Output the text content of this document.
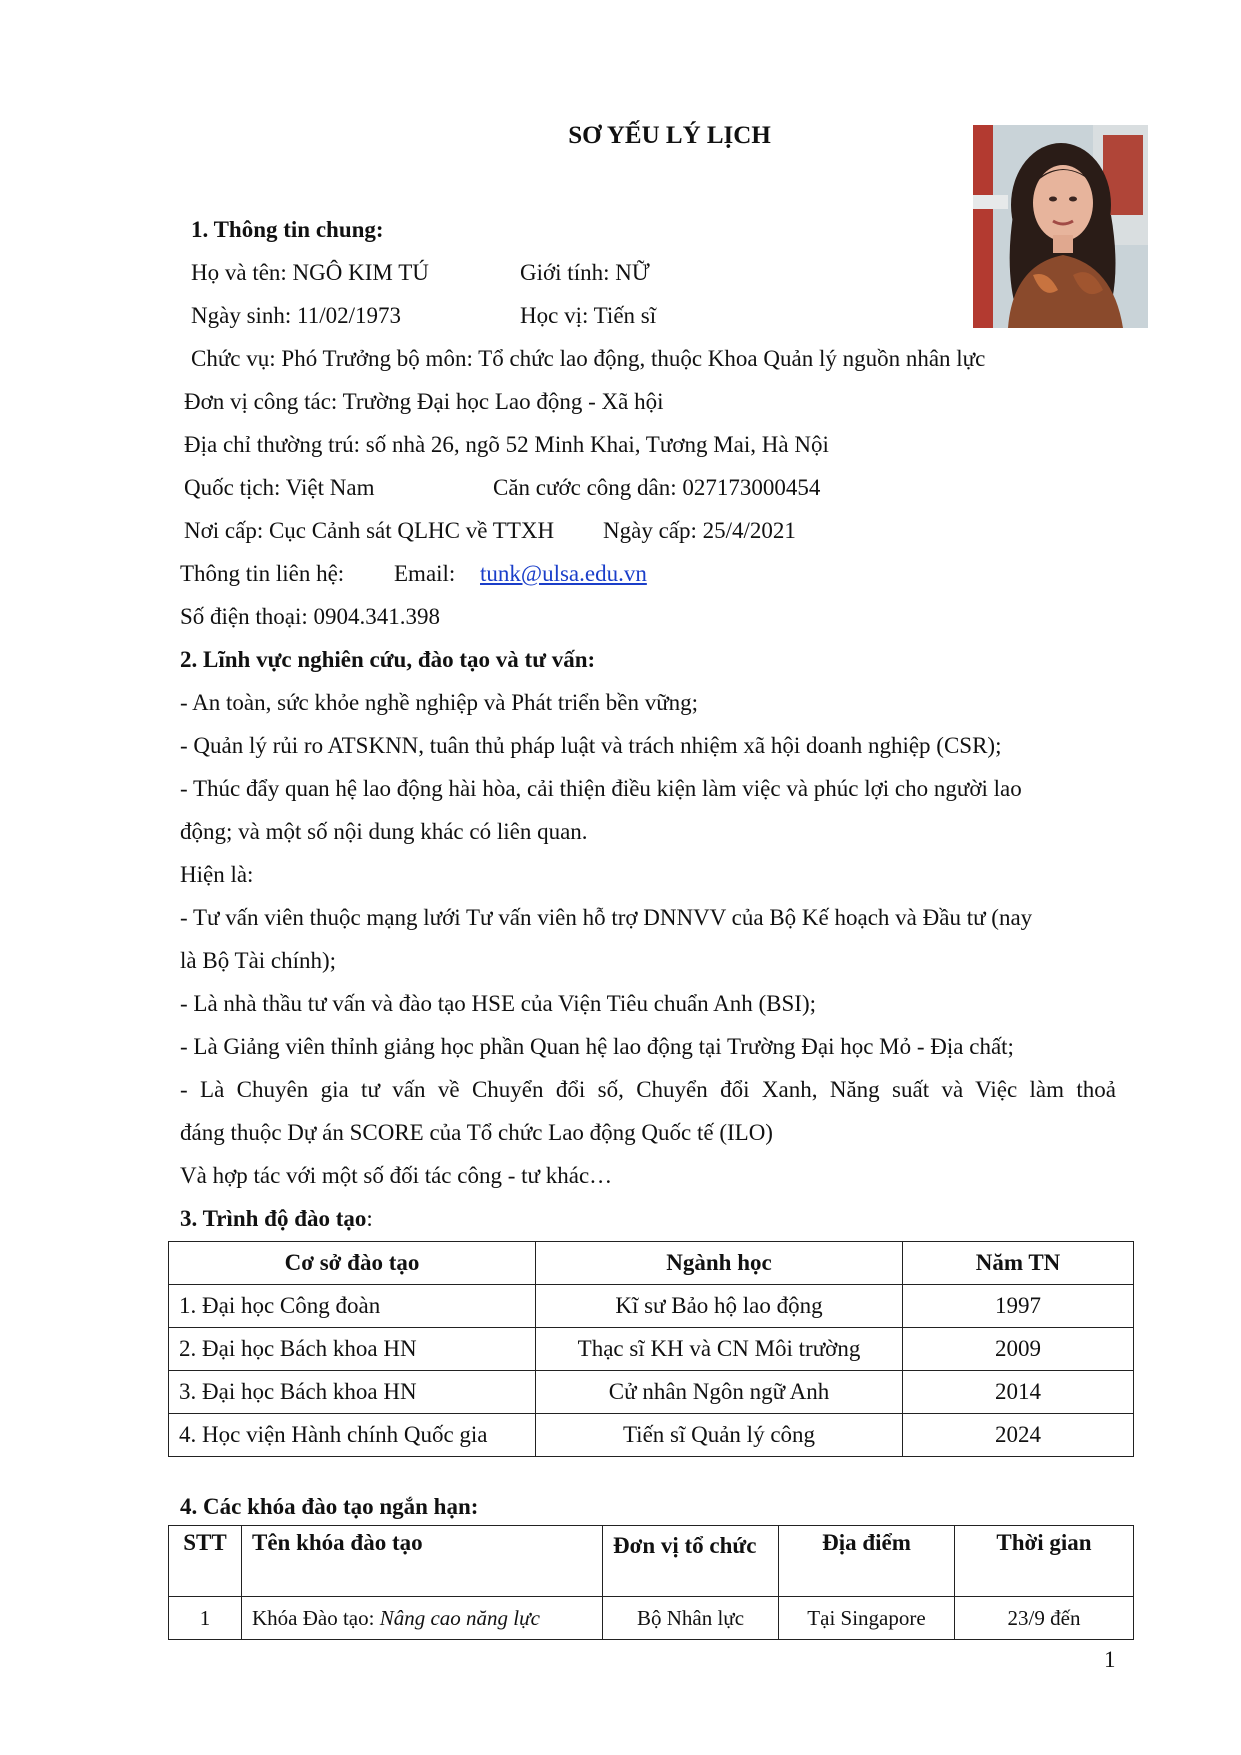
SƠ YẾU LÝ LỊCH
1. Thông tin chung:
Họ và tên: NGÔ KIM TÚ	Giới tính: NỮ
Ngày sinh: 11/02/1973	Học vị: Tiến sĩ
Chức vụ: Phó Trưởng bộ môn: Tổ chức lao động, thuộc Khoa Quản lý nguồn nhân lực
Đơn vị công tác: Trường Đại học Lao động - Xã hội
Địa chỉ thường trú: số nhà 26, ngõ 52 Minh Khai, Tương Mai, Hà Nội
Quốc tịch: Việt Nam	Căn cước công dân: 027173000454
Nơi cấp: Cục Cảnh sát QLHC về TTXH Ngày cấp: 25/4/2021
Thông tin liên hệ: Email: tunk@ulsa.edu.vn
Số điện thoại: 0904.341.398
2. Lĩnh vực nghiên cứu, đào tạo và tư vấn:
- An toàn, sức khỏe nghề nghiệp và Phát triển bền vững;
- Quản lý rủi ro ATSKNN, tuân thủ pháp luật và trách nhiệm xã hội doanh nghiệp (CSR);
- Thúc đẩy quan hệ lao động hài hòa, cải thiện điều kiện làm việc và phúc lợi cho người lao
động; và một số nội dung khác có liên quan.
Hiện là:
- Tư vấn viên thuộc mạng lưới Tư vấn viên hỗ trợ DNNVV của Bộ Kế hoạch và Đầu tư (nay
là Bộ Tài chính);
- Là nhà thầu tư vấn và đào tạo HSE của Viện Tiêu chuẩn Anh (BSI);
- Là Giảng viên thỉnh giảng học phần Quan hệ lao động tại Trường Đại học Mỏ - Địa chất;
- Là Chuyên gia tư vấn về Chuyển đổi số, Chuyển đổi Xanh, Năng suất và Việc làm thoả
đáng thuộc Dự án SCORE của Tổ chức Lao động Quốc tế (ILO)
Và hợp tác với một số đối tác công - tư khác…
3. Trình độ đào tạo:
Cơ sở đào tạo	Ngành học	Năm TN
1. Đại học Công đoàn	Kĩ sư Bảo hộ lao động	1997
2. Đại học Bách khoa HN	Thạc sĩ KH và CN Môi trường	2009
3. Đại học Bách khoa HN	Cử nhân Ngôn ngữ Anh	2014
4. Học viện Hành chính Quốc gia	Tiến sĩ Quản lý công	2024
4. Các khóa đào tạo ngắn hạn:
STT	Tên khóa đào tạo	Đơn vị tổ chức	Địa điểm	Thời gian
1	Khóa Đào tạo: Nâng cao năng lực	Bộ Nhân lực	Tại Singapore	23/9 đến
1
